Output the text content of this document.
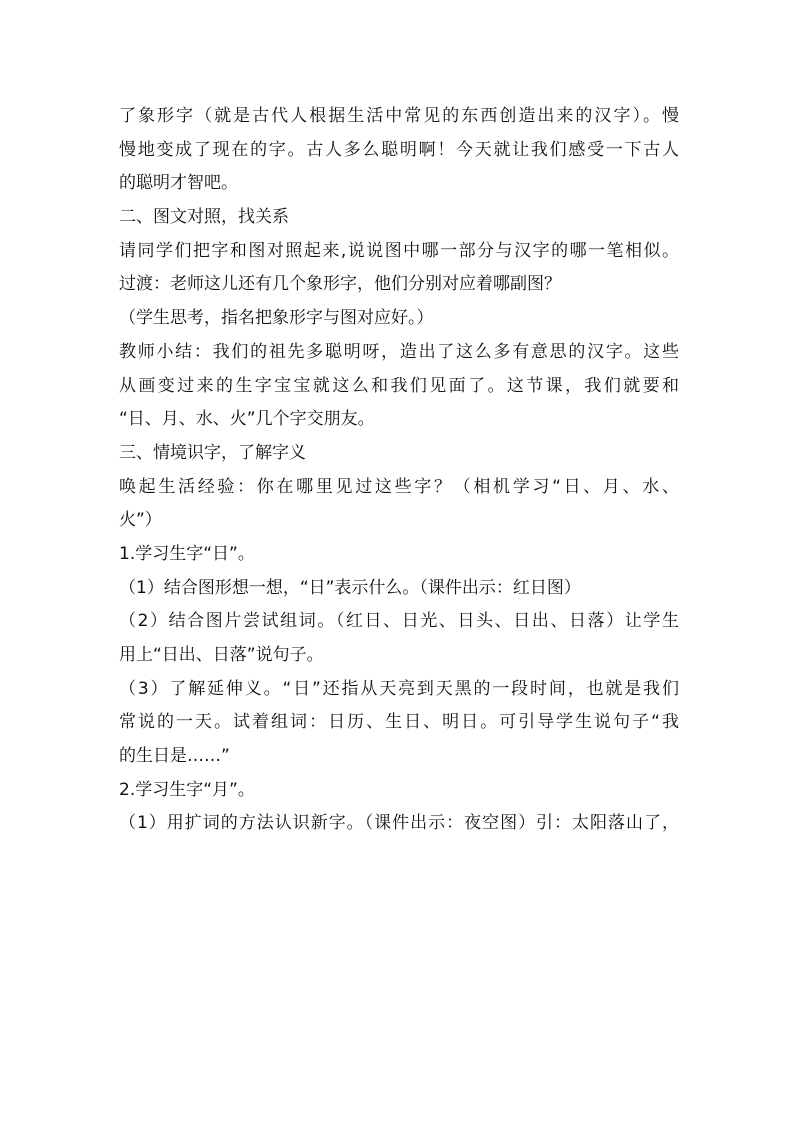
了象形字（就是古代人根据生活中常见的东西创造出来的汉字）。慢

慢地变成了现在的字。古人多么聪明啊！今天就让我们感受一下古人

的聪明才智吧。

二、图文对照，找关系

请同学们把字和图对照起来,说说图中哪一部分与汉字的哪一笔相似。

过渡：老师这儿还有几个象形字，他们分别对应着哪副图？

（学生思考，指名把象形字与图对应好。）

教师小结：我们的祖先多聪明呀，造出了这么多有意思的汉字。这些

从画变过来的生字宝宝就这么和我们见面了。这节课，我们就要和

“日、月、水、火”几个字交朋友。

三、情境识字，了解字义

唤起生活经验：你在哪里见过这些字？（相机学习“日、月、水、

火”）

1.学习生字“日”。

（1）结合图形想一想，“日”表示什么。（课件出示：红日图）

（2）结合图片尝试组词。（红日、日光、日头、日出、日落）让学生

用上“日出、日落”说句子。

（3）了解延伸义。“日”还指从天亮到天黑的一段时间，也就是我们

常说的一天。试着组词：日历、生日、明日。可引导学生说句子“我

的生日是……”

2.学习生字“月”。

（1）用扩词的方法认识新字。（课件出示：夜空图）引：太阳落山了，
